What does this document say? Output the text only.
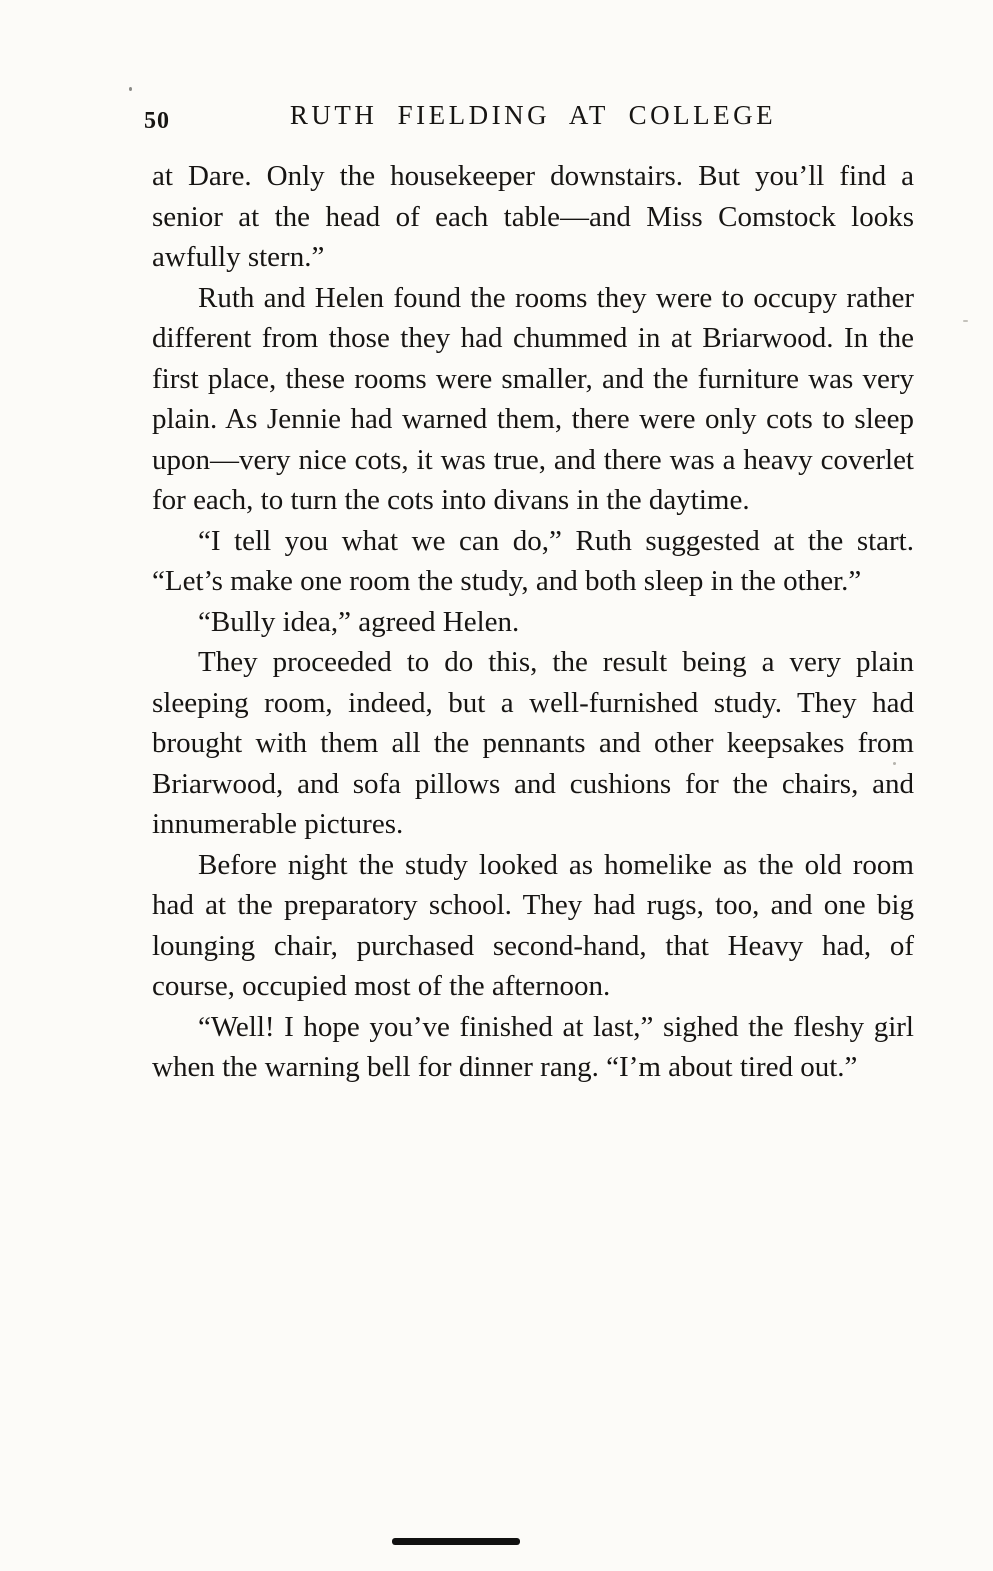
50	RUTH FIELDING AT COLLEGE

at Dare. Only the housekeeper downstairs. But you’ll find a senior at the head of each table—and Miss Comstock looks awfully stern.”

Ruth and Helen found the rooms they were to occupy rather different from those they had chummed in at Briarwood. In the first place, these rooms were smaller, and the furniture was very plain. As Jennie had warned them, there were only cots to sleep upon—very nice cots, it was true, and there was a heavy coverlet for each, to turn the cots into divans in the daytime.

“I tell you what we can do,” Ruth suggested at the start. “Let’s make one room the study, and both sleep in the other.”

“Bully idea,” agreed Helen.

They proceeded to do this, the result being a very plain sleeping room, indeed, but a well-furnished study. They had brought with them all the pennants and other keepsakes from Briarwood, and sofa pillows and cushions for the chairs, and innumerable pictures.

Before night the study looked as homelike as the old room had at the preparatory school. They had rugs, too, and one big lounging chair, purchased second-hand, that Heavy had, of course, occupied most of the afternoon.

“Well! I hope you’ve finished at last,” sighed the fleshy girl when the warning bell for dinner rang. “I’m about tired out.”
